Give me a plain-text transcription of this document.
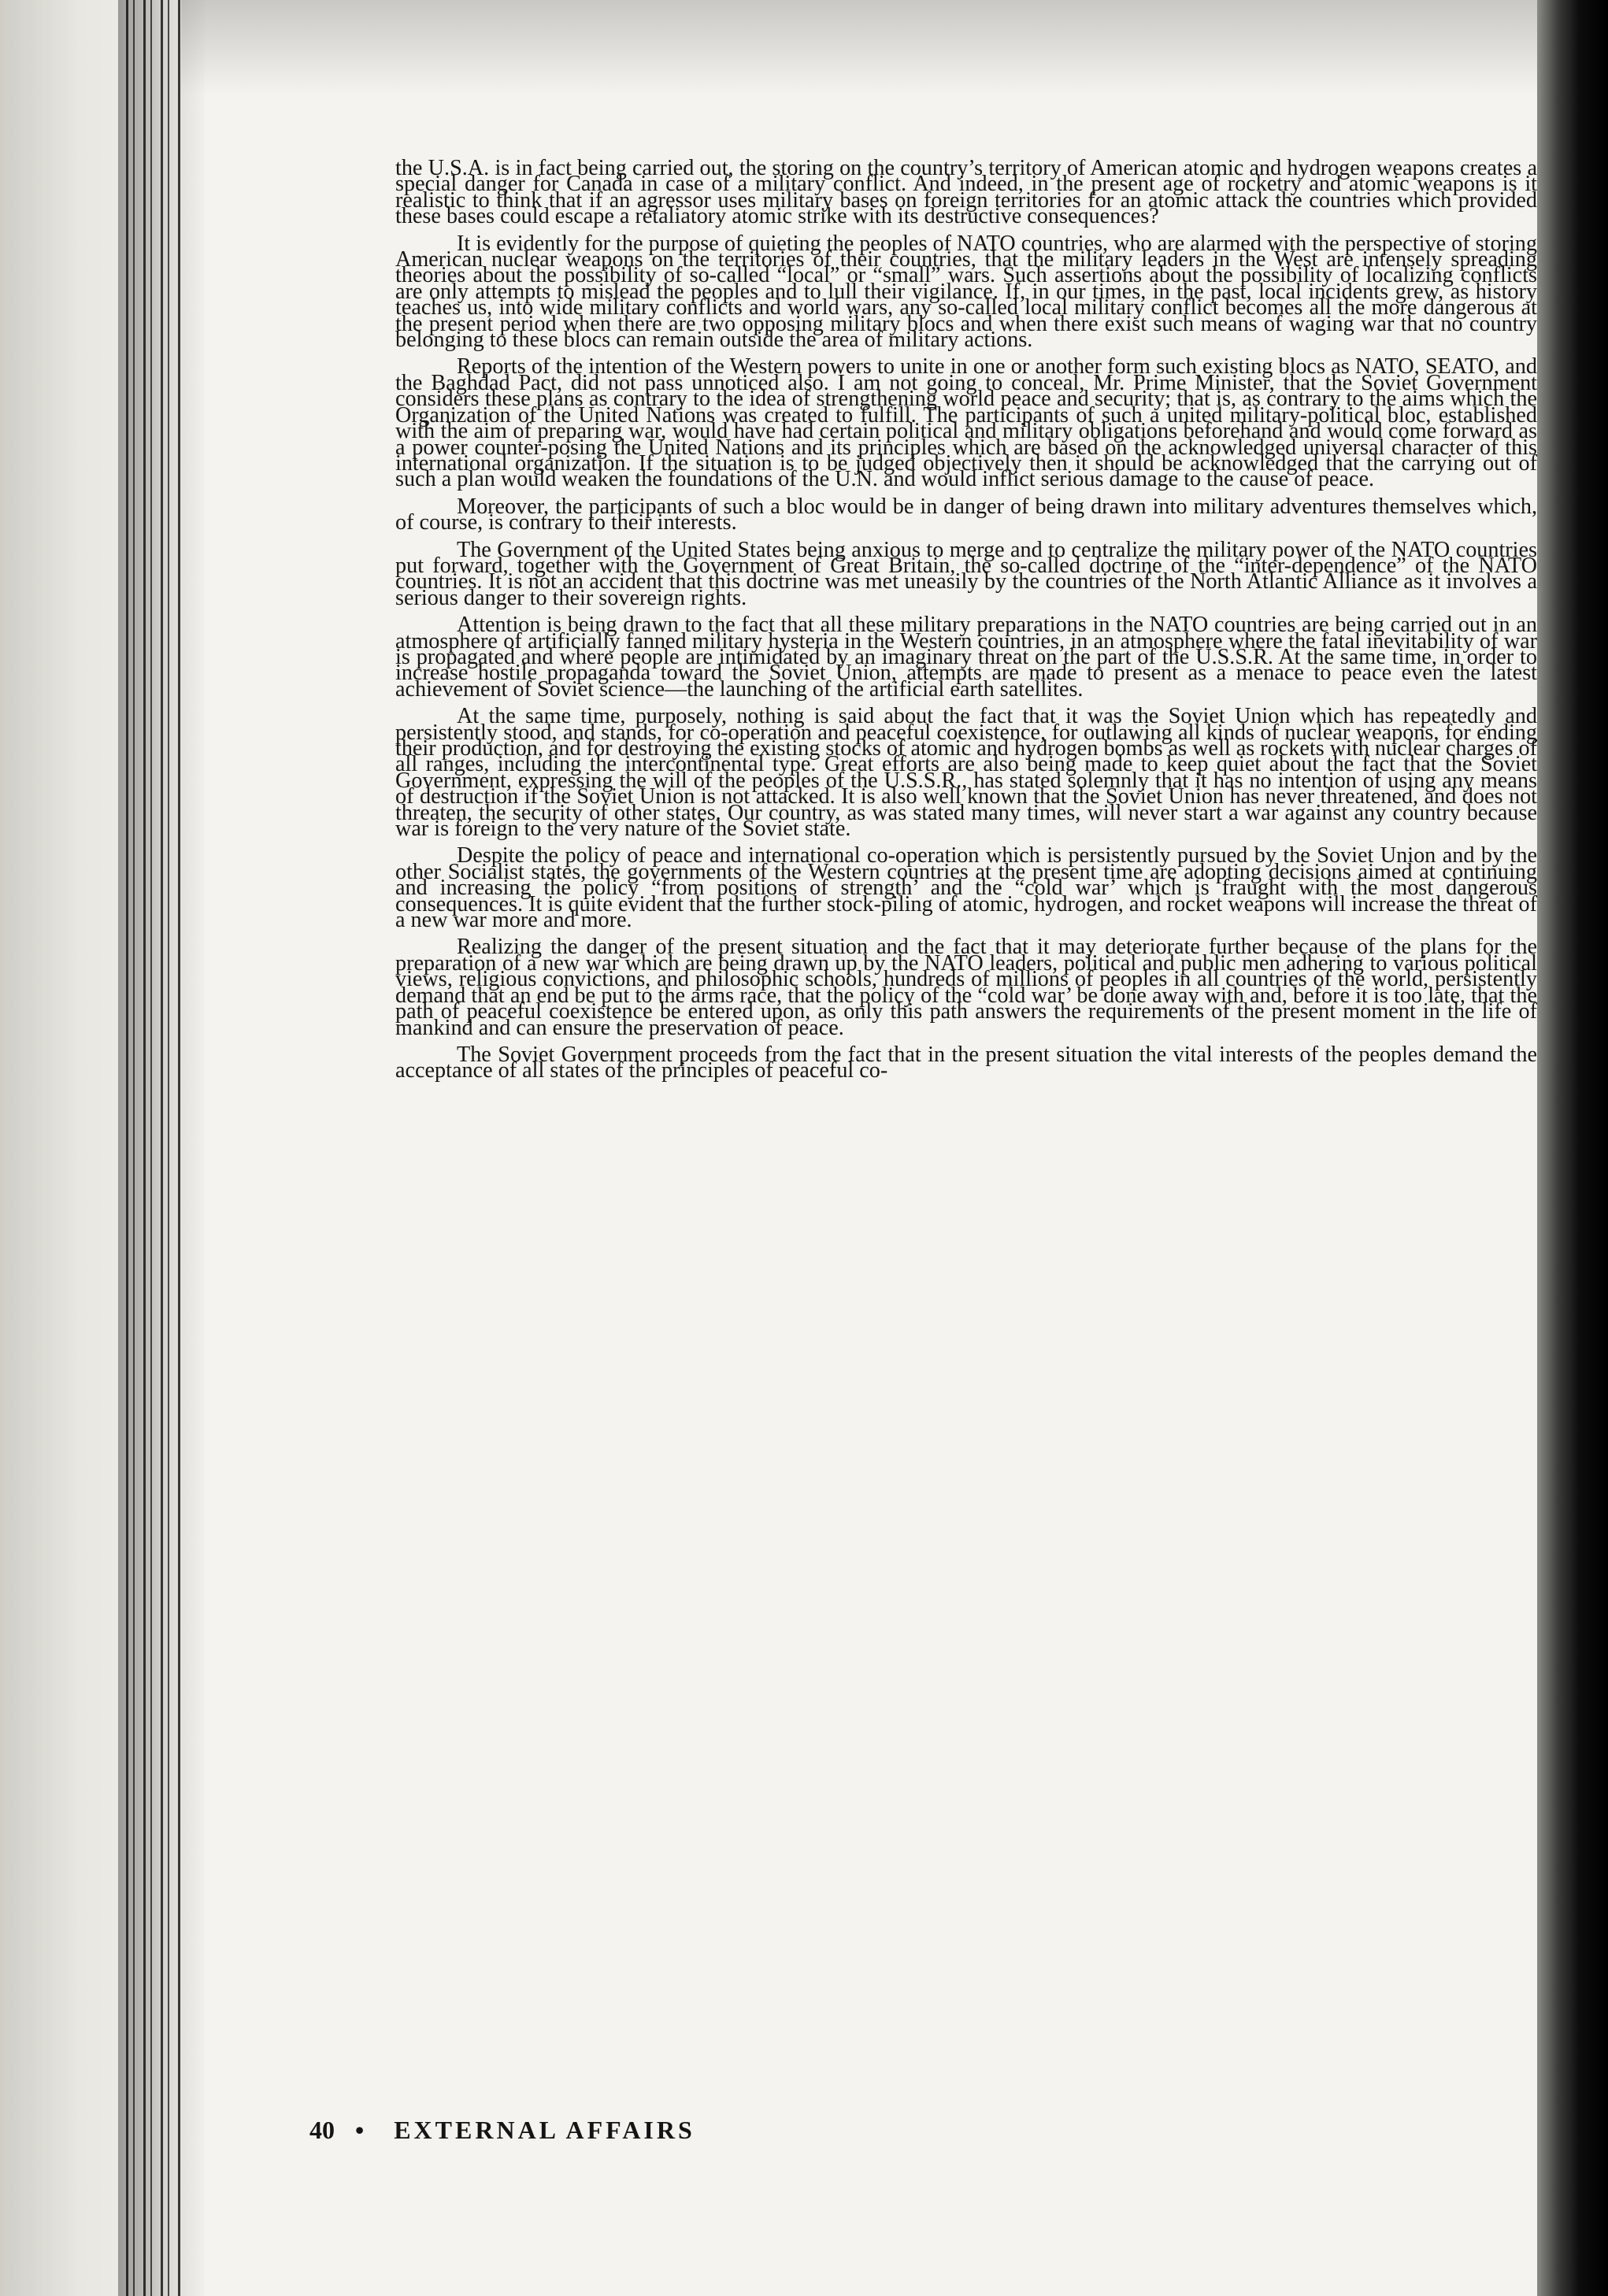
the U.S.A. is in fact being carried out, the storing on the country’s territory of American atomic and hydrogen weapons creates a special danger for Canada in case of a military conflict. And indeed, in the present age of rocketry and atomic weapons is it realistic to think that if an agressor uses military bases on foreign territories for an atomic attack the countries which provided these bases could escape a retaliatory atomic strike with its destructive consequences?

It is evidently for the purpose of quieting the peoples of NATO countries, who are alarmed with the perspective of storing American nuclear weapons on the territories of their countries, that the military leaders in the West are intensely spreading theories about the possibility of so-called “local” or “small” wars. Such assertions about the possibility of localizing conflicts are only attempts to mislead the peoples and to lull their vigilance. If, in our times, in the past, local incidents grew, as history teaches us, into wide military conflicts and world wars, any so-called local military conflict becomes all the more dangerous at the present period when there are two opposing military blocs and when there exist such means of waging war that no country belonging to these blocs can remain outside the area of military actions.

Reports of the intention of the Western powers to unite in one or another form such existing blocs as NATO, SEATO, and the Baghdad Pact, did not pass unnoticed also. I am not going to conceal, Mr. Prime Minister, that the Soviet Government considers these plans as contrary to the idea of strengthening world peace and security; that is, as contrary to the aims which the Organization of the United Nations was created to fulfill. The participants of such a united military-political bloc, established with the aim of preparing war, would have had certain political and military obligations beforehand and would come forward as a power counter-posing the United Nations and its principles which are based on the acknowledged universal character of this international organization. If the situation is to be judged objectively then it should be acknowledged that the carrying out of such a plan would weaken the foundations of the U.N. and would inflict serious damage to the cause of peace.

Moreover, the participants of such a bloc would be in danger of being drawn into military adventures themselves which, of course, is contrary to their interests.

The Government of the United States being anxious to merge and to centralize the military power of the NATO countries put forward, together with the Government of Great Britain, the so-called doctrine of the “inter-dependence” of the NATO countries. It is not an accident that this doctrine was met uneasily by the countries of the North Atlantic Alliance as it involves a serious danger to their sovereign rights.

Attention is being drawn to the fact that all these military preparations in the NATO countries are being carried out in an atmosphere of artificially fanned military hysteria in the Western countries, in an atmosphere where the fatal inevitability of war is propagated and where people are intimidated by an imaginary threat on the part of the U.S.S.R. At the same time, in order to increase hostile propaganda toward the Soviet Union, attempts are made to present as a menace to peace even the latest achievement of Soviet science—the launching of the artificial earth satellites.

At the same time, purposely, nothing is said about the fact that it was the Soviet Union which has repeatedly and persistently stood, and stands, for co-operation and peaceful coexistence, for outlawing all kinds of nuclear weapons, for ending their production, and for destroying the existing stocks of atomic and hydrogen bombs as well as rockets with nuclear charges of all ranges, including the intercontinental type. Great efforts are also being made to keep quiet about the fact that the Soviet Government, expressing the will of the peoples of the U.S.S.R., has stated solemnly that it has no intention of using any means of destruction if the Soviet Union is not attacked. It is also well known that the Soviet Union has never threatened, and does not threaten, the security of other states. Our country, as was stated many times, will never start a war against any country because war is foreign to the very nature of the Soviet state.

Despite the policy of peace and international co-operation which is persistently pursued by the Soviet Union and by the other Socialist states, the governments of the Western countries at the present time are adopting decisions aimed at continuing and increasing the policy “from positions of strength’ and the “cold war’ which is fraught with the most dangerous consequences. It is quite evident that the further stock-piling of atomic, hydrogen, and rocket weapons will increase the threat of a new war more and more.

Realizing the danger of the present situation and the fact that it may deteriorate further because of the plans for the preparation of a new war which are being drawn up by the NATO leaders, political and public men adhering to various political views, religious convictions, and philosophic schools, hundreds of millions of peoples in all countries of the world, persistently demand that an end be put to the arms race, that the policy of the “cold war’ be done away with and, before it is too late, that the path of peaceful coexistence be entered upon, as only this path answers the requirements of the present moment in the life of mankind and can ensure the preservation of peace.

The Soviet Government proceeds from the fact that in the present situation the vital interests of the peoples demand the acceptance of all states of the principles of peaceful co-

40 • EXTERNAL AFFAIRS
